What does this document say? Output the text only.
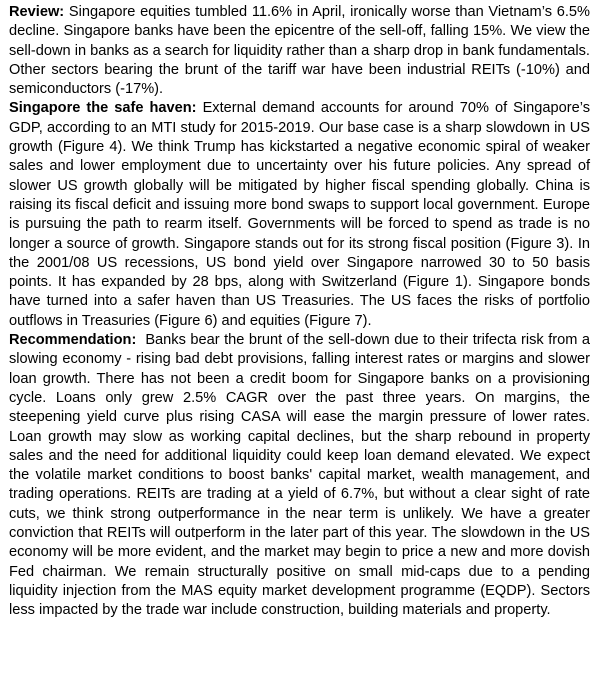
Review: Singapore equities tumbled 11.6% in April, ironically worse than Vietnam’s 6.5% decline. Singapore banks have been the epicentre of the sell-off, falling 15%. We view the sell-down in banks as a search for liquidity rather than a sharp drop in bank fundamentals. Other sectors bearing the brunt of the tariff war have been industrial REITs (-10%) and semiconductors (-17%).

Singapore the safe haven: External demand accounts for around 70% of Singapore’s GDP, according to an MTI study for 2015-2019. Our base case is a sharp slowdown in US growth (Figure 4). We think Trump has kickstarted a negative economic spiral of weaker sales and lower employment due to uncertainty over his future policies. Any spread of slower US growth globally will be mitigated by higher fiscal spending globally. China is raising its fiscal deficit and issuing more bond swaps to support local government. Europe is pursuing the path to rearm itself. Governments will be forced to spend as trade is no longer a source of growth. Singapore stands out for its strong fiscal position (Figure 3). In the 2001/08 US recessions, US bond yield over Singapore narrowed 30 to 50 basis points. It has expanded by 28 bps, along with Switzerland (Figure 1). Singapore bonds have turned into a safer haven than US Treasuries. The US faces the risks of portfolio outflows in Treasuries (Figure 6) and equities (Figure 7).

Recommendation: Banks bear the brunt of the sell-down due to their trifecta risk from a slowing economy - rising bad debt provisions, falling interest rates or margins and slower loan growth. There has not been a credit boom for Singapore banks on a provisioning cycle. Loans only grew 2.5% CAGR over the past three years. On margins, the steepening yield curve plus rising CASA will ease the margin pressure of lower rates. Loan growth may slow as working capital declines, but the sharp rebound in property sales and the need for additional liquidity could keep loan demand elevated. We expect the volatile market conditions to boost banks' capital market, wealth management, and trading operations. REITs are trading at a yield of 6.7%, but without a clear sight of rate cuts, we think strong outperformance in the near term is unlikely. We have a greater conviction that REITs will outperform in the later part of this year. The slowdown in the US economy will be more evident, and the market may begin to price a new and more dovish Fed chairman. We remain structurally positive on small mid-caps due to a pending liquidity injection from the MAS equity market development programme (EQDP). Sectors less impacted by the trade war include construction, building materials and property.
